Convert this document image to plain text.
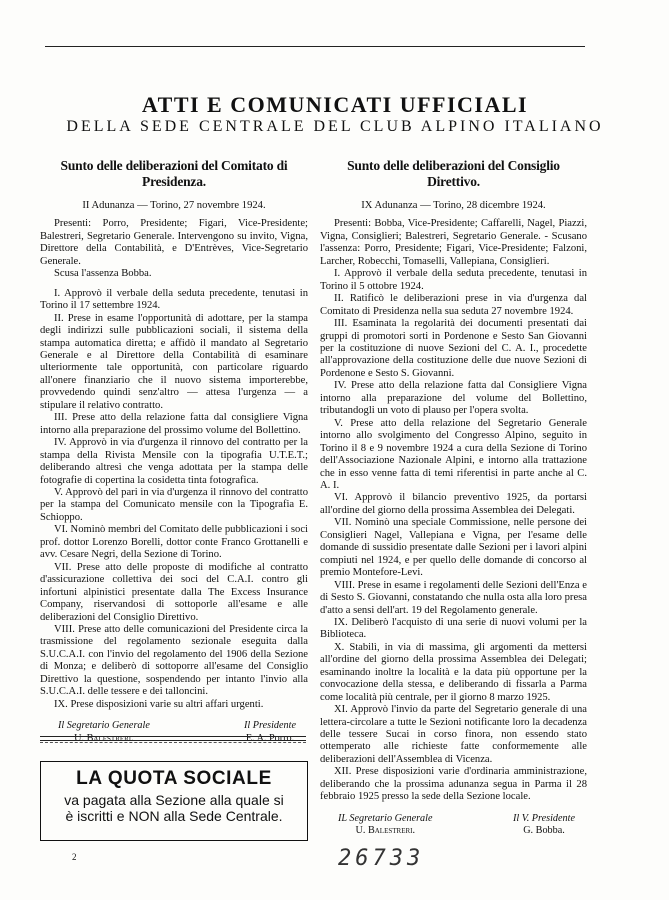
ATTI E COMUNICATI UFFICIALI
DELLA SEDE CENTRALE DEL CLUB ALPINO ITALIANO
Sunto delle deliberazioni del Comitato di Presidenza.
II Adunanza — Torino, 27 novembre 1924.

Presenti: Porro, Presidente; Figari, Vice-Presidente; Balestreri, Segretario Generale. Intervengono su invito, Vigna, Direttore della Contabilità, e D'Entrèves, Vice-Segretario Generale.

Scusa l'assenza Bobba.

I. Approvò il verbale della seduta precedente, tenutasi in Torino il 17 settembre 1924.

II. Prese in esame l'opportunità di adottare, per la stampa degli indirizzi sulle pubblicazioni sociali, il sistema della stampa automatica diretta; e affidò il mandato al Segretario Generale e al Direttore della Contabilità di esaminare ulteriormente tale opportunità, con particolare riguardo all'onere finanziario che il nuovo sistema importerebbe, provvedendo quindi senz'altro — attesa l'urgenza — a stipulare il relativo contratto.

III. Prese atto della relazione fatta dal consigliere Vigna intorno alla preparazione del prossimo volume del Bollettino.

IV. Approvò in via d'urgenza il rinnovo del contratto per la stampa della Rivista Mensile con la tipografia U.T.E.T.; deliberando altresì che venga adottata per la stampa delle fotografie di copertina la cosidetta tinta fotografica.

V. Approvò del pari in via d'urgenza il rinnovo del contratto per la stampa del Comunicato mensile con la Tipografia E. Schioppo.

VI. Nominò membri del Comitato delle pubblicazioni i soci prof. dottor Lorenzo Borelli, dottor conte Franco Grottanelli e avv. Cesare Negri, della Sezione di Torino.

VII. Prese atto delle proposte di modifiche al contratto d'assicurazione collettiva dei soci del C.A.I. contro gli infortuni alpinistici presentate dalla The Excess Insurance Company, riservandosi di sottoporle all'esame e alle deliberazioni del Consiglio Direttivo.

VIII. Prese atto delle comunicazioni del Presidente circa la trasmissione del regolamento sezionale eseguita dalla S.U.C.A.I. con l'invio del regolamento del 1906 della Sezione di Monza; e deliberò di sottoporre all'esame del Consiglio Direttivo la questione, sospendendo per intanto l'invio alla S.U.C.A.I. delle tessere e dei talloncini.

IX. Prese disposizioni varie su altri affari urgenti.

Il Segretario Generale
U. Balestreri.
Il Presidente
E. A. Porro.
LA QUOTA SOCIALE
va pagata alla Sezione alla quale si
è iscritti e NON alla Sede Centrale.
Sunto delle deliberazioni del Consiglio Direttivo.
IX Adunanza — Torino, 28 dicembre 1924.

Presenti: Bobba, Vice-Presidente; Caffarelli, Nagel, Piazzi, Vigna, Consiglieri; Balestreri, Segretario Generale. - Scusano l'assenza: Porro, Presidente; Figari, Vice-Presidente; Falzoni, Larcher, Robecchi, Tomaselli, Vallepiana, Consiglieri.

I. Approvò il verbale della seduta precedente, tenutasi in Torino il 5 ottobre 1924.

II. Ratificò le deliberazioni prese in via d'urgenza dal Comitato di Presidenza nella sua seduta 27 novembre 1924.

III. Esaminata la regolarità dei documenti presentati dai gruppi di promotori sorti in Pordenone e Sesto San Giovanni per la costituzione di nuove Sezioni del C. A. I., procedette all'approvazione della costituzione delle due nuove Sezioni di Pordenone e Sesto S. Giovanni.

IV. Prese atto della relazione fatta dal Consigliere Vigna intorno alla preparazione del volume del Bollettino, tributandogli un voto di plauso per l'opera svolta.

V. Prese atto della relazione del Segretario Generale intorno allo svolgimento del Congresso Alpino, seguito in Torino il 8 e 9 novembre 1924 a cura della Sezione di Torino dell'Associazione Nazionale Alpini, e intorno alla trattazione che in esso venne fatta di temi riferentisi in parte anche al C. A. I.

VI. Approvò il bilancio preventivo 1925, da portarsi all'ordine del giorno della prossima Assemblea dei Delegati.

VII. Nominò una speciale Commissione, nelle persone dei Consiglieri Nagel, Vallepiana e Vigna, per l'esame delle domande di sussidio presentate dalle Sezioni per i lavori alpini compiuti nel 1924, e per quello delle domande di concorso al premio Montefore-Levi.

VIII. Prese in esame i regolamenti delle Sezioni dell'Enza e di Sesto S. Giovanni, constatando che nulla osta alla loro presa d'atto a sensi dell'art. 19 del Regolamento generale.

IX. Deliberò l'acquisto di una serie di nuovi volumi per la Biblioteca.

X. Stabilì, in via di massima, gli argomenti da mettersi all'ordine del giorno della prossima Assemblea dei Delegati; esaminando inoltre la località e la data più opportune per la convocazione della stessa, e deliberando di fissarla a Parma come località più centrale, per il giorno 8 marzo 1925.

XI. Approvò l'invio da parte del Segretario generale di una lettera-circolare a tutte le Sezioni notificante loro la decadenza delle tessere Sucai in corso finora, non essendo stato ottemperato alle richieste fatte conformemente alle deliberazioni dell'Assemblea di Vicenza.

XII. Prese disposizioni varie d'ordinaria amministrazione, deliberando che la prossima adunanza segua in Parma il 28 febbraio 1925 presso la sede della Sezione locale.

IL Segretario Generale
U. Balestreri.
Il V. Presidente
G. Bobba.
2	26733
